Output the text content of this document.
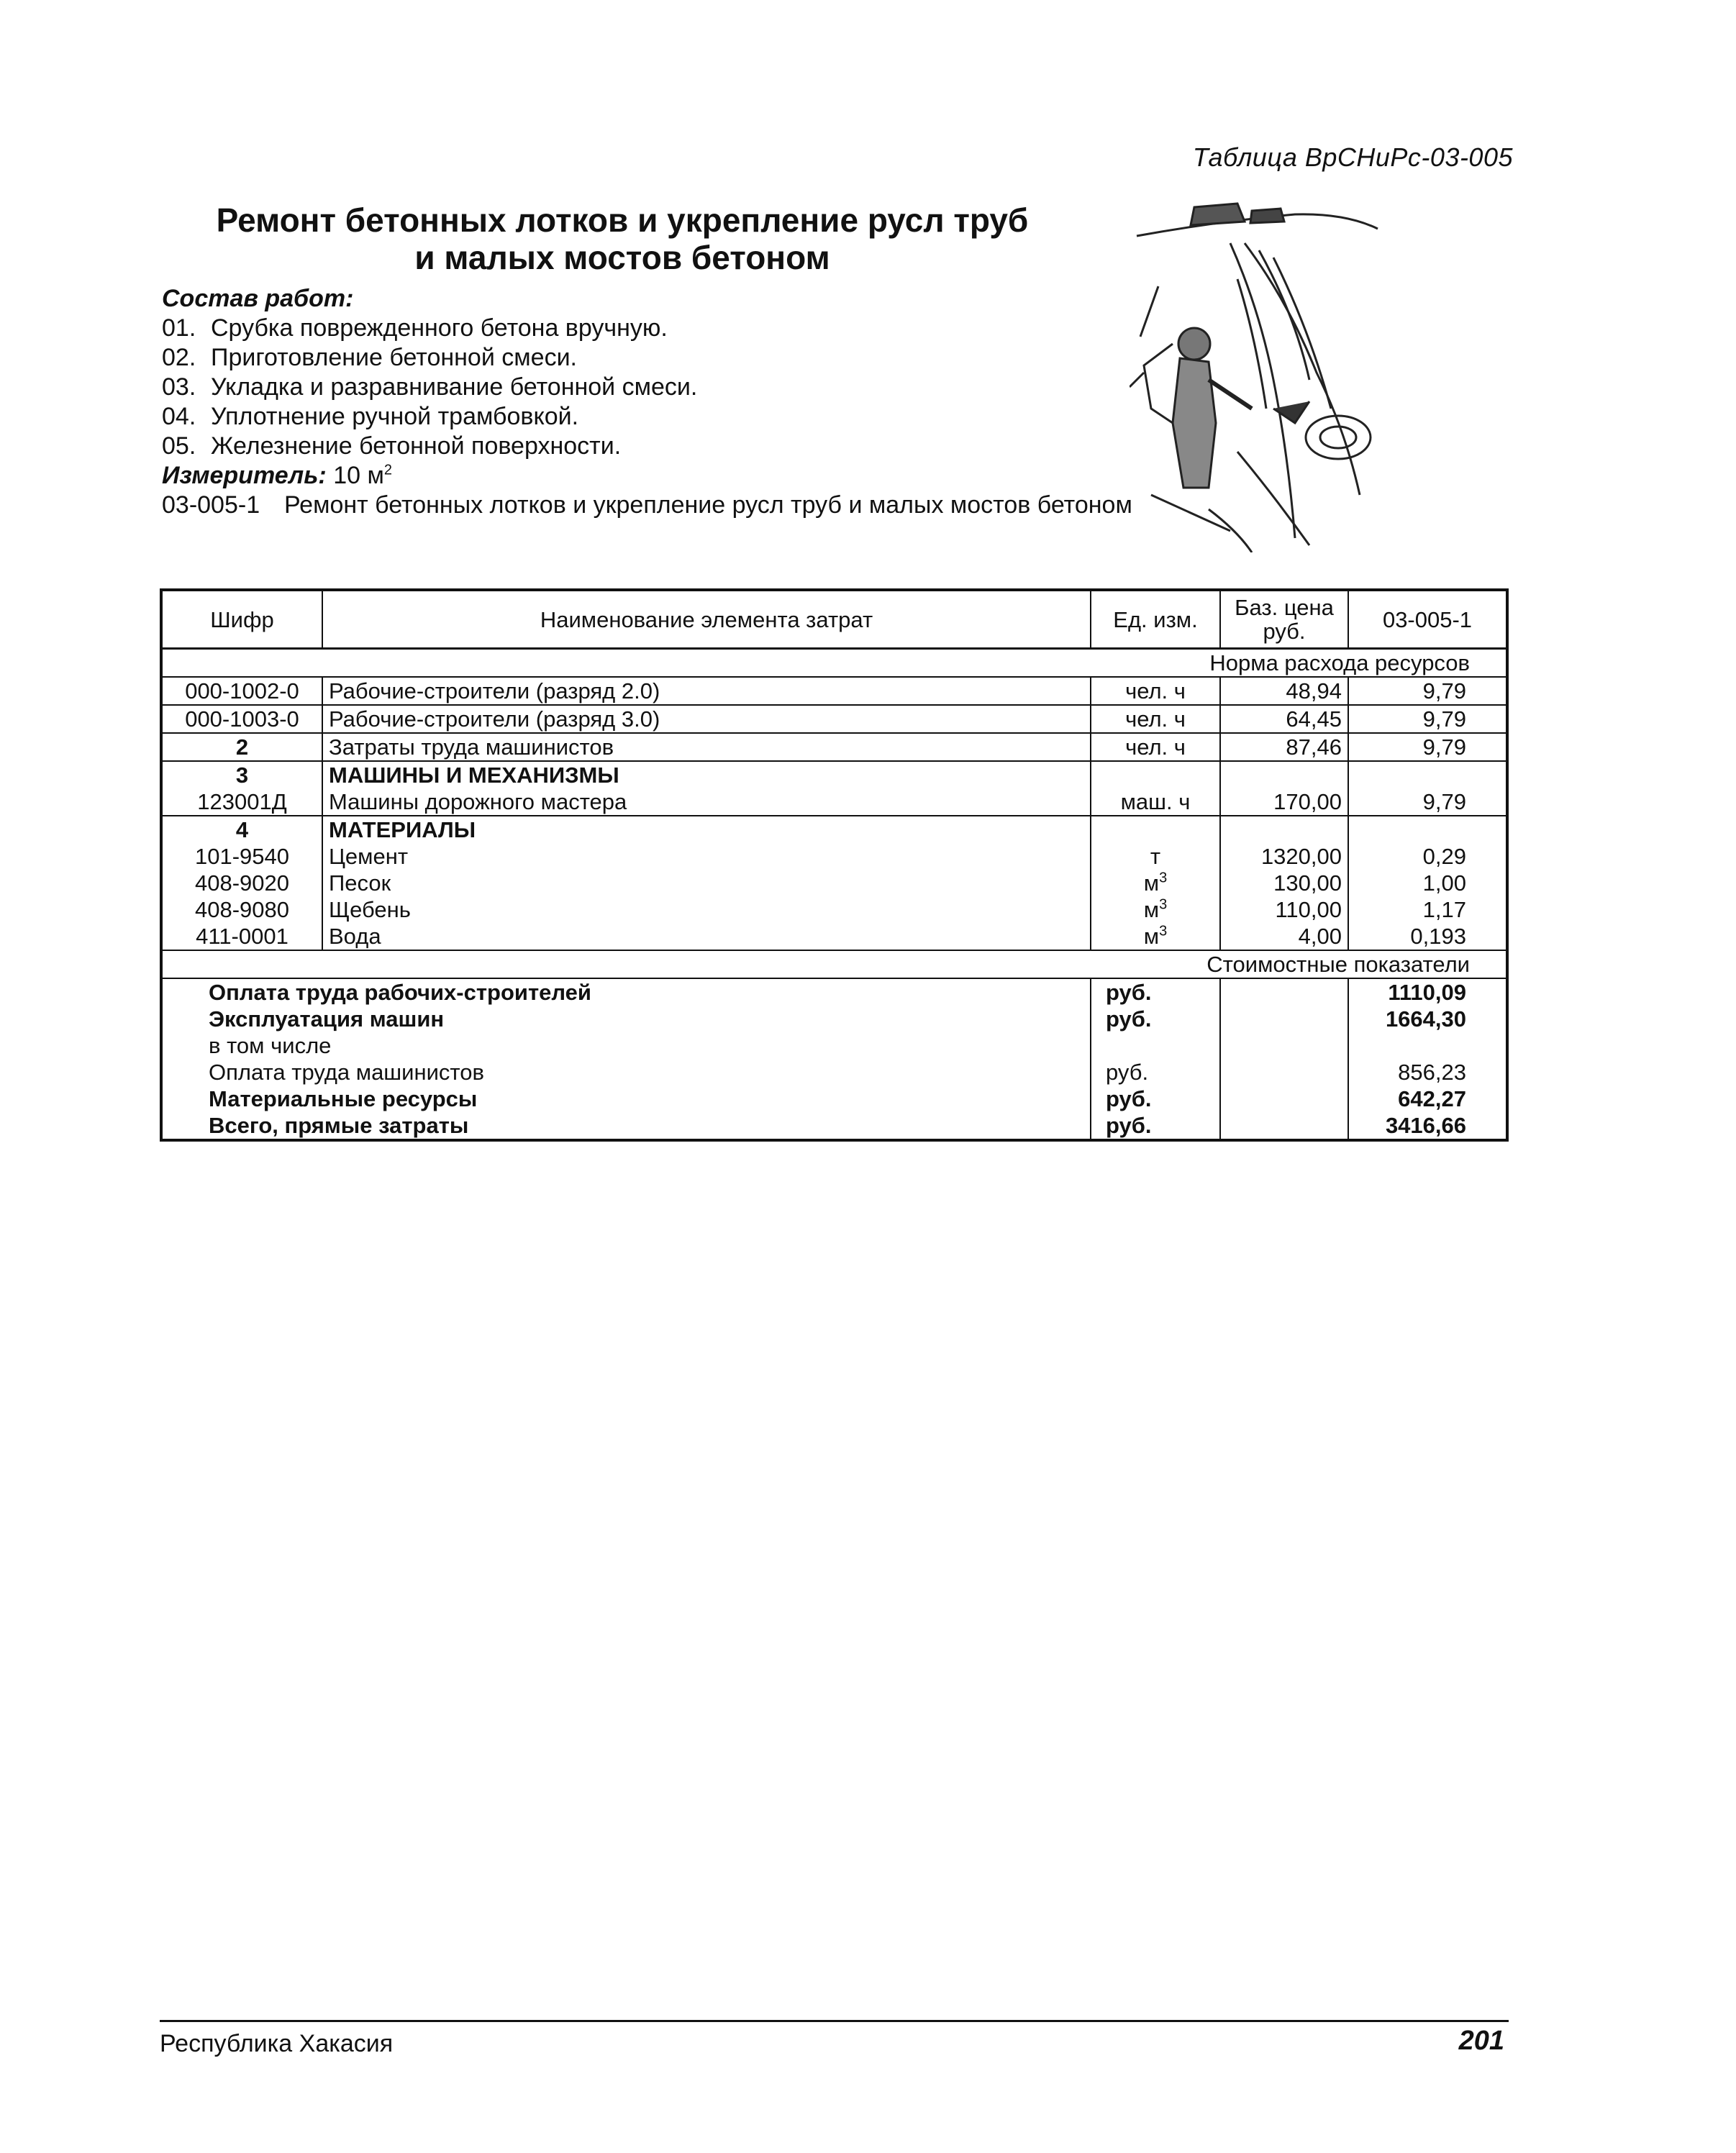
Таблица ВрСНиРс-03-005
Ремонт бетонных лотков и укрепление русл труб
и малых мостов бетоном
Состав работ:
01. Срубка поврежденного бетона вручную.
02. Приготовление бетонной смеси.
03. Укладка и разравнивание бетонной смеси.
04. Уплотнение ручной трамбовкой.
05. Железнение бетонной поверхности.
Измеритель: 10 $м^2$
03-005-1 Ремонт бетонных лотков и укрепление русл труб и малых мостов бетоном
Шифр	Наименование элемента затрат	Ед. изм.	Баз. цена руб.	03-005-1
Норма расхода ресурсов				
000-1002-0	Рабочие-строители (разряд 2.0)	чел. ч	48,94	9,79
000-1003-0	Рабочие-строители (разряд 3.0)	чел. ч	64,45	9,79
2	Затраты труда машинистов	чел. ч	87,46	9,79
3	МАШИНЫ И МЕХАНИЗМЫ			
123001Д	Машины дорожного мастера	маш. ч	170,00	9,79
4	МАТЕРИАЛЫ			
101-9540	Цемент	т	1320,00	0,29
408-9020	Песок	$м^3$	130,00	1,00
408-9080	Щебень	$м^3$	110,00	1,17
411-0001	Вода	$м^3$	4,00	0,193
Стоимостные показатели				
Оплата труда рабочих-строителей		руб.		1110,09
Эксплуатация машин		руб.		1664,30
в том числе				
Оплата труда машинистов		руб.		856,23
Материальные ресурсы		руб.		642,27
Всего, прямые затраты		руб.		3416,66
Республика Хакасия	201
